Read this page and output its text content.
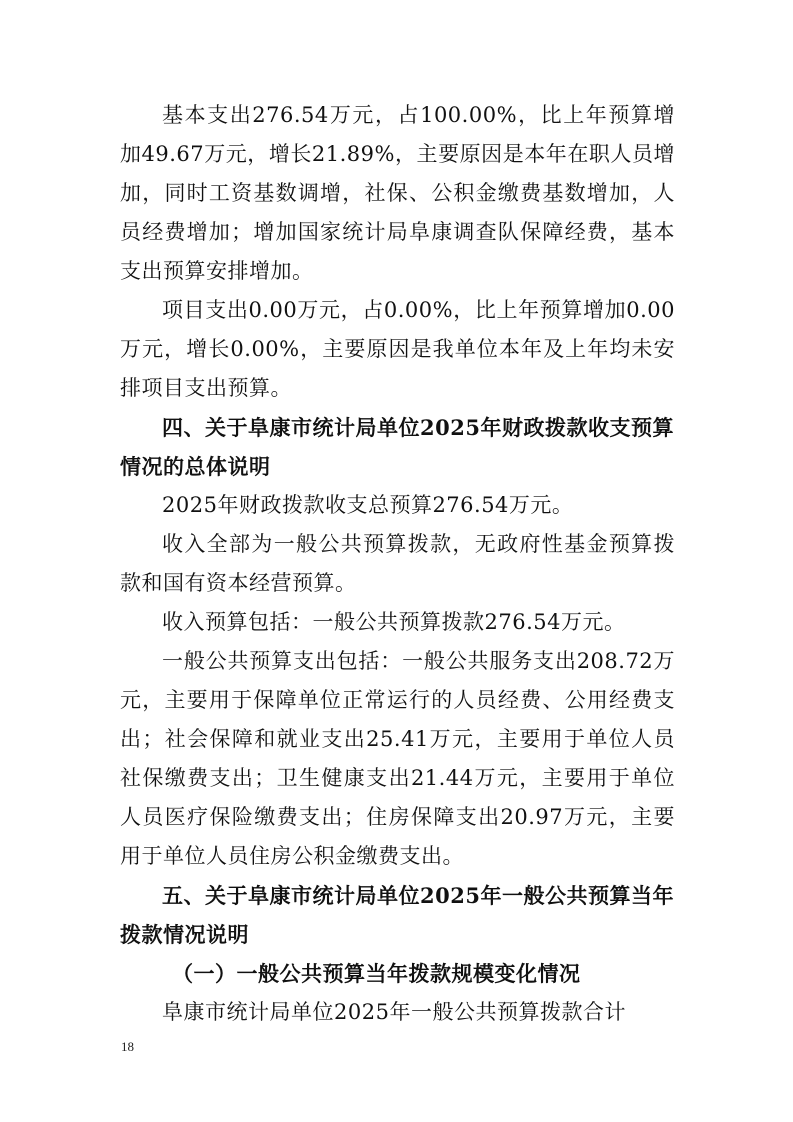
基本支出276.54万元，占100.00%，比上年预算增加49.67万元，增长21.89%，主要原因是本年在职人员增加，同时工资基数调增，社保、公积金缴费基数增加，人员经费增加；增加国家统计局阜康调查队保障经费，基本支出预算安排增加。

项目支出0.00万元，占0.00%，比上年预算增加0.00万元，增长0.00%，主要原因是我单位本年及上年均未安排项目支出预算。

四、关于阜康市统计局单位2025年财政拨款收支预算情况的总体说明

2025年财政拨款收支总预算276.54万元。

收入全部为一般公共预算拨款，无政府性基金预算拨款和国有资本经营预算。

收入预算包括：一般公共预算拨款276.54万元。

一般公共预算支出包括：一般公共服务支出208.72万元，主要用于保障单位正常运行的人员经费、公用经费支出；社会保障和就业支出25.41万元，主要用于单位人员社保缴费支出；卫生健康支出21.44万元，主要用于单位人员医疗保险缴费支出；住房保障支出20.97万元，主要用于单位人员住房公积金缴费支出。

五、关于阜康市统计局单位2025年一般公共预算当年拨款情况说明

（一）一般公共预算当年拨款规模变化情况

阜康市统计局单位2025年一般公共预算拨款合计

18
